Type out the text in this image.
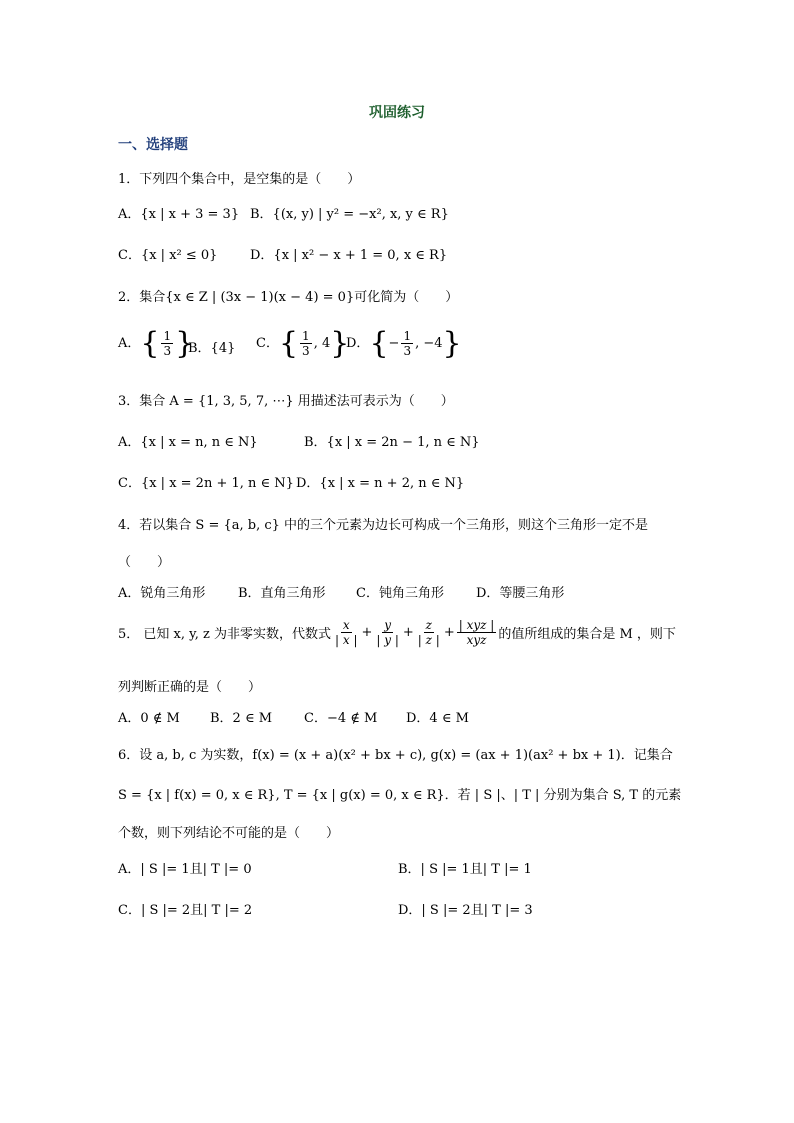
巩固练习
一、选择题
1．下列四个集合中，是空集的是（　　）
A．{x | x + 3 = 3} B．{(x, y) | y² = −x², x, y ∈ R}
C．{x | x² ≤ 0}	D．{x | x² − x + 1 = 0, x ∈ R}
2．集合{x ∈ Z | (3x − 1)(x − 4) = 0}可化简为（　　）
A．{ $\frac{1}{3}$ }
B．{4} C．{ $\frac{1}{3}$ , 4}
D．{− $\frac{1}{3}$ , −4}
3．集合 A = {1, 3, 5, 7, ⋯} 用描述法可表示为（　　）
A．{x | x = n, n ∈ N}	B．{x | x = 2n − 1, n ∈ N}
C．{x | x = 2n + 1, n ∈ N} D．{x | x = n + 2, n ∈ N}
4．若以集合 S = {a, b, c} 中的三个元素为边长可构成一个三角形，则这个三角形一定不是
（　　）
A．锐角三角形	B．直角三角形 C．钝角三角形 D．等腰三角形
5． 已知 x, y, z 为非零实数，代数式 $\frac{x}{| x |} + \frac{y}{| y |} + \frac{z}{| z |} + \frac{\text{| xyz |}}{\text{xyz}}$ 的值所组成的集合是 M ，则下
列判断正确的是（　　）
A．0 ∉ M B．2 ∈ M C．−4 ∉ M D．4 ∈ M
6．设 a, b, c 为实数，f(x) = (x + a)(x² + bx + c), g(x) = (ax + 1)(ax² + bx + 1)．记集合
S = {x | f(x) = 0, x ∈ R}, T = {x | g(x) = 0, x ∈ R}．若 | S |、| T | 分别为集合 S, T 的元素
个数，则下列结论不可能的是（　　）
A．| S |= 1且| T |= 0	B．| S |= 1且| T |= 1
C．| S |= 2且| T |= 2	D．| S |= 2且| T |= 3
